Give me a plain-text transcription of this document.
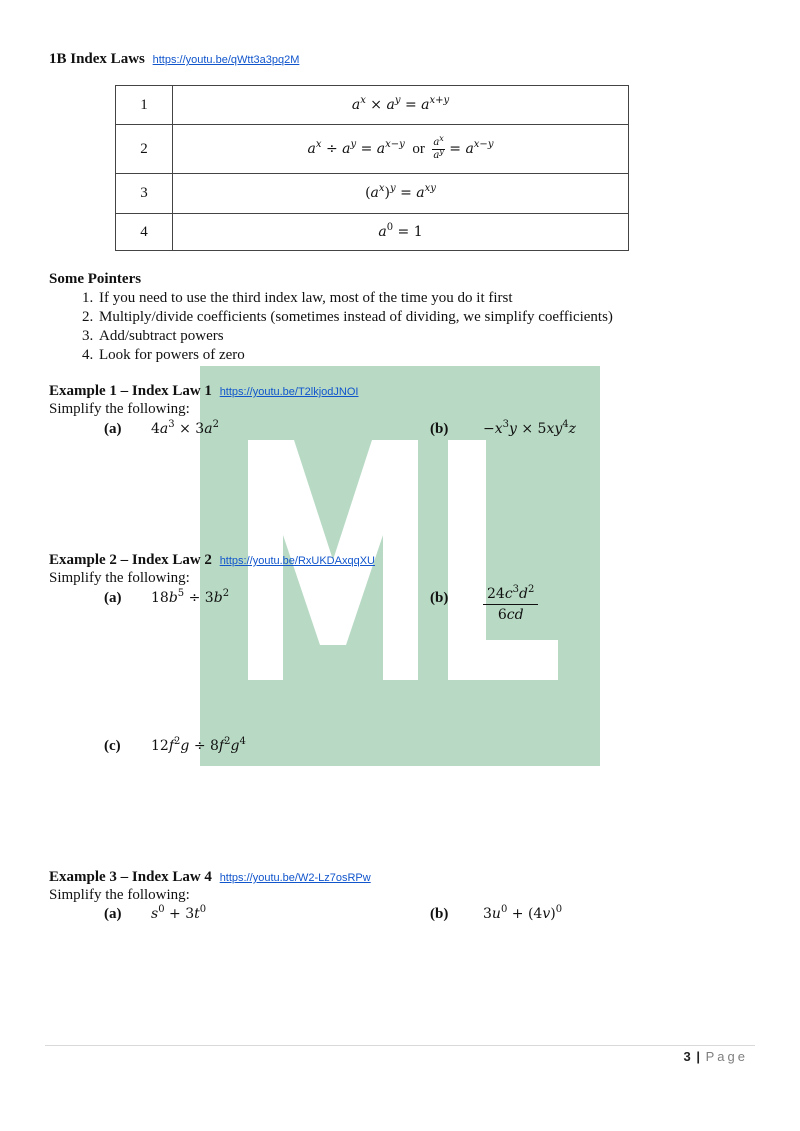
1B Index Laws https://youtu.be/qWtt3a3pq2M
1	$a^x \times a^y = a^{x+y}$
2	$a^x \div a^y = a^{x-y}$ or $\frac{a^x}{a^y} = a^{x-y}$
3	$(a^x)^y = a^{xy}$
4	$a^0 = 1$
Some Pointers
1. If you need to use the third index law, most of the time you do it first
2. Multiply/divide coefficients (sometimes instead of dividing, we simplify coefficients)
3. Add/subtract powers
4. Look for powers of zero
Example 1 – Index Law 1 https://youtu.be/T2lkjodJNOI
Simplify the following:
(a) $4a^3 \times 3a^2$	$(b) -x^3y \times 5xy^4z$
Example 2 – Index Law 2 https://youtu.be/RxUKDAxqqXU
Simplify the following:
(a) $18b^5 \div 3b^2$	$(b) \frac{24c^3d^2}{6cd}$
(c) $12f^2g \div 8f^2g^4$
Example 3 – Index Law 4 https://youtu.be/W2-Lz7osRPw
Simplify the following:
(a) $s^0 + 3t^0$	(b) $3u^0 + (4v)^0$
3 | Page
